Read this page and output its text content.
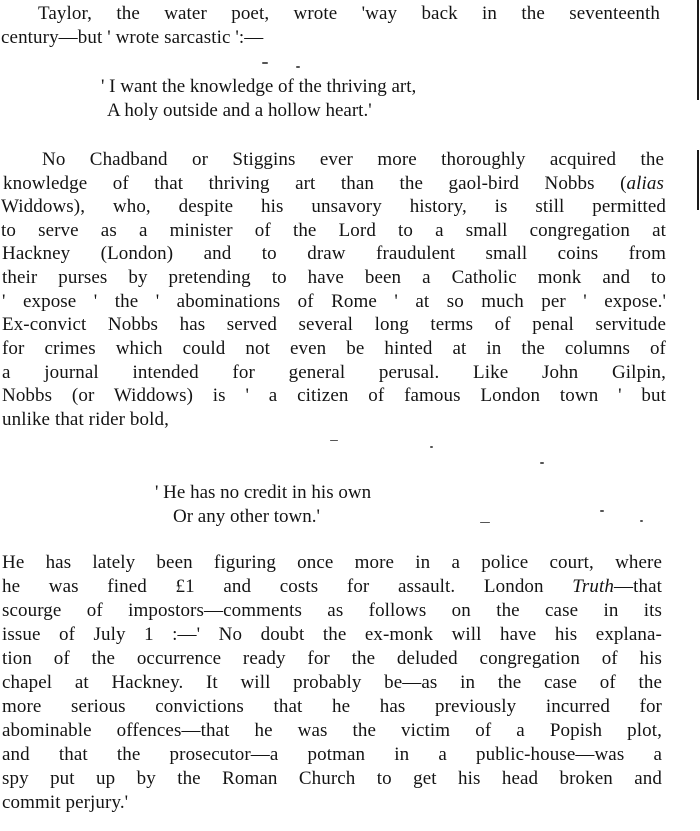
Taylor, the water poet, wrote 'way back in the seventeenth
century—but ' wrote sarcastic ':—
' I want the knowledge of the thriving art,
A holy outside and a hollow heart.'
No Chadband or Stiggins ever more thoroughly acquired the
knowledge of that thriving art than the gaol-bird Nobbs (alias
Widdows), who, despite his unsavory history, is still permitted
to serve as a minister of the Lord to a small congregation at
Hackney (London) and to draw fraudulent small coins from
their purses by pretending to have been a Catholic monk and to
' expose ' the ' abominations of Rome ' at so much per ' expose.'
Ex-convict Nobbs has served several long terms of penal servitude
for crimes which could not even be hinted at in the columns of
a journal intended for general perusal. Like John Gilpin,
Nobbs (or Widdows) is ' a citizen of famous London town ' but
unlike that rider bold,
' He has no credit in his own
Or any other town.'
He has lately been figuring once more in a police court, where
he was fined £1 and costs for assault. London Truth—that
scourge of impostors—comments as follows on the case in its
issue of July 1 :—' No doubt the ex-monk will have his explana-
tion of the occurrence ready for the deluded congregation of his
chapel at Hackney. It will probably be—as in the case of the
more serious convictions that he has previously incurred for
abominable offences—that he was the victim of a Popish plot,
and that the prosecutor—a potman in a public-house—was a
spy put up by the Roman Church to get his head broken and
commit perjury.'
